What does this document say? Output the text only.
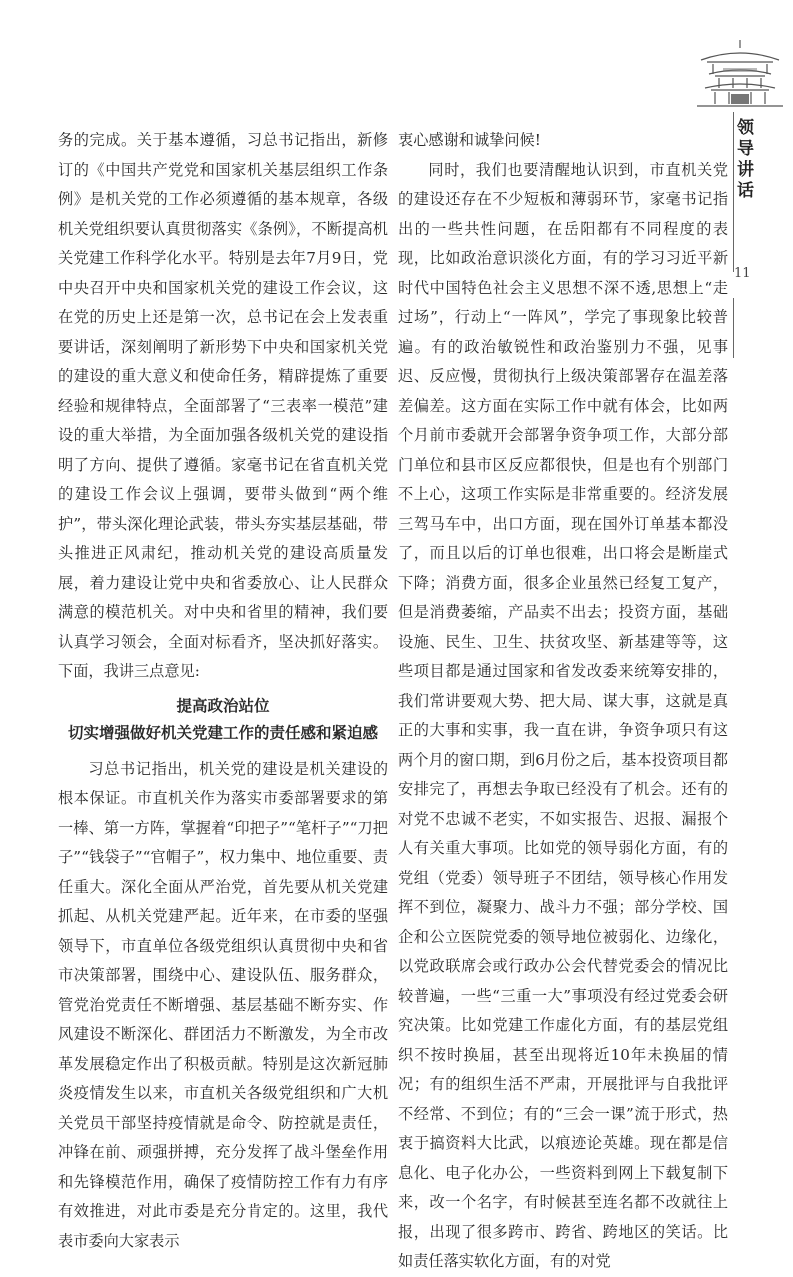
领导讲话
11

务的完成。关于基本遵循，习总书记指出，新修订的《中国共产党党和国家机关基层组织工作条例》是机关党的工作必须遵循的基本规章，各级机关党组织要认真贯彻落实《条例》，不断提高机关党建工作科学化水平。特别是去年7月9日，党中央召开中央和国家机关党的建设工作会议，这在党的历史上还是第一次，总书记在会上发表重要讲话，深刻阐明了新形势下中央和国家机关党的建设的重大意义和使命任务，精辟提炼了重要经验和规律特点，全面部署了“三表率一模范”建设的重大举措，为全面加强各级机关党的建设指明了方向、提供了遵循。家毫书记在省直机关党的建设工作会议上强调，要带头做到“两个维护”，带头深化理论武装，带头夯实基层基础，带头推进正风肃纪，推动机关党的建设高质量发展，着力建设让党中央和省委放心、让人民群众满意的模范机关。对中央和省里的精神，我们要认真学习领会，全面对标看齐，坚决抓好落实。下面，我讲三点意见:

提高政治站位
切实增强做好机关党建工作的责任感和紧迫感

习总书记指出，机关党的建设是机关建设的根本保证。市直机关作为落实市委部署要求的第一棒、第一方阵，掌握着“印把子”“笔杆子”“刀把子”“钱袋子”“官帽子”，权力集中、地位重要、责任重大。深化全面从严治党，首先要从机关党建抓起、从机关党建严起。近年来，在市委的坚强领导下，市直单位各级党组织认真贯彻中央和省市决策部署，围绕中心、建设队伍、服务群众，管党治党责任不断增强、基层基础不断夯实、作风建设不断深化、群团活力不断激发，为全市改革发展稳定作出了积极贡献。特别是这次新冠肺炎疫情发生以来，市直机关各级党组织和广大机关党员干部坚持疫情就是命令、防控就是责任，冲锋在前、顽强拼搏，充分发挥了战斗堡垒作用和先锋模范作用，确保了疫情防控工作有力有序有效推进，对此市委是充分肯定的。这里，我代表市委向大家表示

衷心感谢和诚挚问候!

同时，我们也要清醒地认识到，市直机关党的建设还存在不少短板和薄弱环节，家毫书记指出的一些共性问题，在岳阳都有不同程度的表现，比如政治意识淡化方面，有的学习习近平新时代中国特色社会主义思想不深不透,思想上“走过场”，行动上“一阵风”，学完了事现象比较普遍。有的政治敏锐性和政治鉴别力不强，见事迟、反应慢，贯彻执行上级决策部署存在温差落差偏差。这方面在实际工作中就有体会，比如两个月前市委就开会部署争资争项工作，大部分部门单位和县市区反应都很快，但是也有个别部门不上心，这项工作实际是非常重要的。经济发展三驾马车中，出口方面，现在国外订单基本都没了，而且以后的订单也很难，出口将会是断崖式下降；消费方面，很多企业虽然已经复工复产，但是消费萎缩，产品卖不出去；投资方面，基础设施、民生、卫生、扶贫攻坚、新基建等等，这些项目都是通过国家和省发改委来统筹安排的，我们常讲要观大势、把大局、谋大事，这就是真正的大事和实事，我一直在讲，争资争项只有这两个月的窗口期，到6月份之后，基本投资项目都安排完了，再想去争取已经没有了机会。还有的对党不忠诚不老实，不如实报告、迟报、漏报个人有关重大事项。比如党的领导弱化方面，有的党组（党委）领导班子不团结，领导核心作用发挥不到位，凝聚力、战斗力不强；部分学校、国企和公立医院党委的领导地位被弱化、边缘化，以党政联席会或行政办公会代替党委会的情况比较普遍，一些“三重一大”事项没有经过党委会研究决策。比如党建工作虚化方面，有的基层党组织不按时换届，甚至出现将近10年未换届的情况；有的组织生活不严肃，开展批评与自我批评不经常、不到位；有的“三会一课”流于形式，热衷于搞资料大比武，以痕迹论英雄。现在都是信息化、电子化办公，一些资料到网上下载复制下来，改一个名字，有时候甚至连名都不改就往上报，出现了很多跨市、跨省、跨地区的笑话。比如责任落实软化方面，有的对党
